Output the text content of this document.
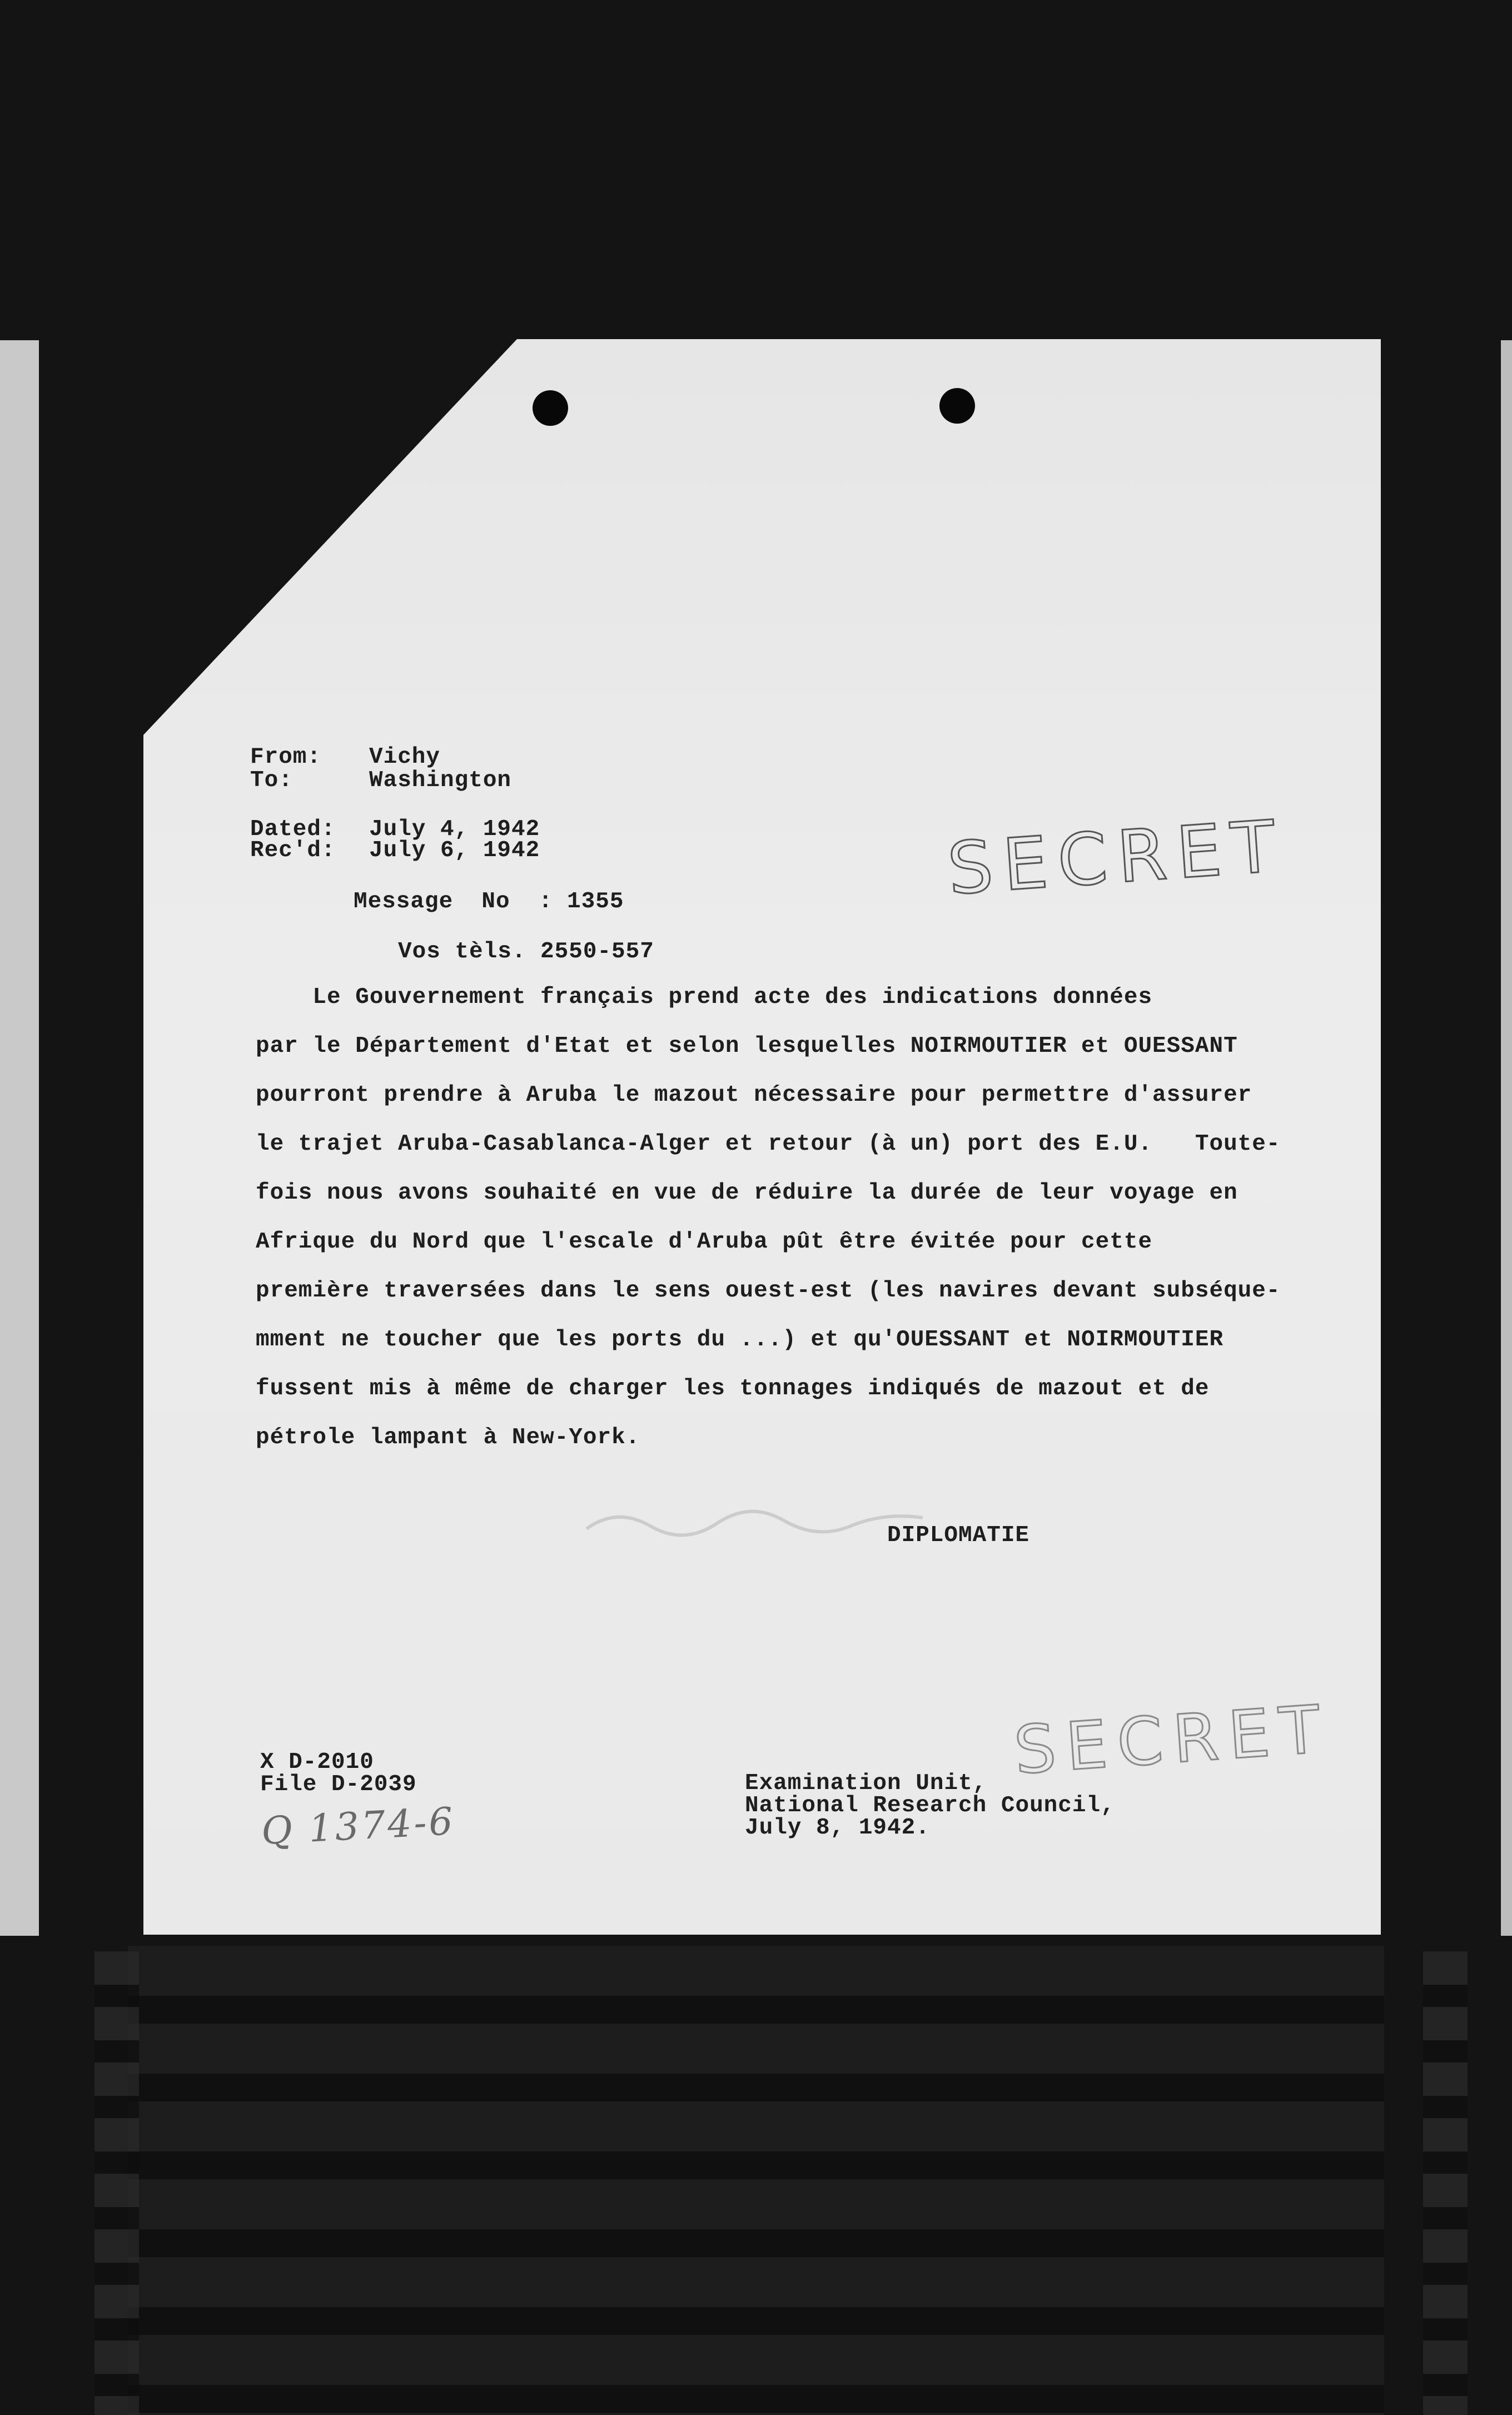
From: Vichy
To:	Washington
Dated: July 4, 1942
Rec'd: July 6, 1942	SECRET
Message  No  : 1355
Vos tèls. 2550-557
Le Gouvernement français prend acte des indications données
par le Département d'Etat et selon lesquelles NOIRMOUTIER et OUESSANT
pourront prendre à Aruba le mazout nécessaire pour permettre d'assurer
le trajet Aruba-Casablanca-Alger et retour (à un) port des E.U.   Toute-
fois nous avons souhaité en vue de réduire la durée de leur voyage en
Afrique du Nord que l'escale d'Aruba pût être évitée pour cette
première traversées dans le sens ouest-est (les navires devant subséque-
mment ne toucher que les ports du ...) et qu'OUESSANT et NOIRMOUTIER
fussent mis à même de charger les tonnages indiqués de mazout et de
pétrole lampant à New-York.
DIPLOMATIE
X D-2010
File D-2039
Q 1374-6
Examination Unit,
National Research Council,
July 8, 1942.
SECRET
